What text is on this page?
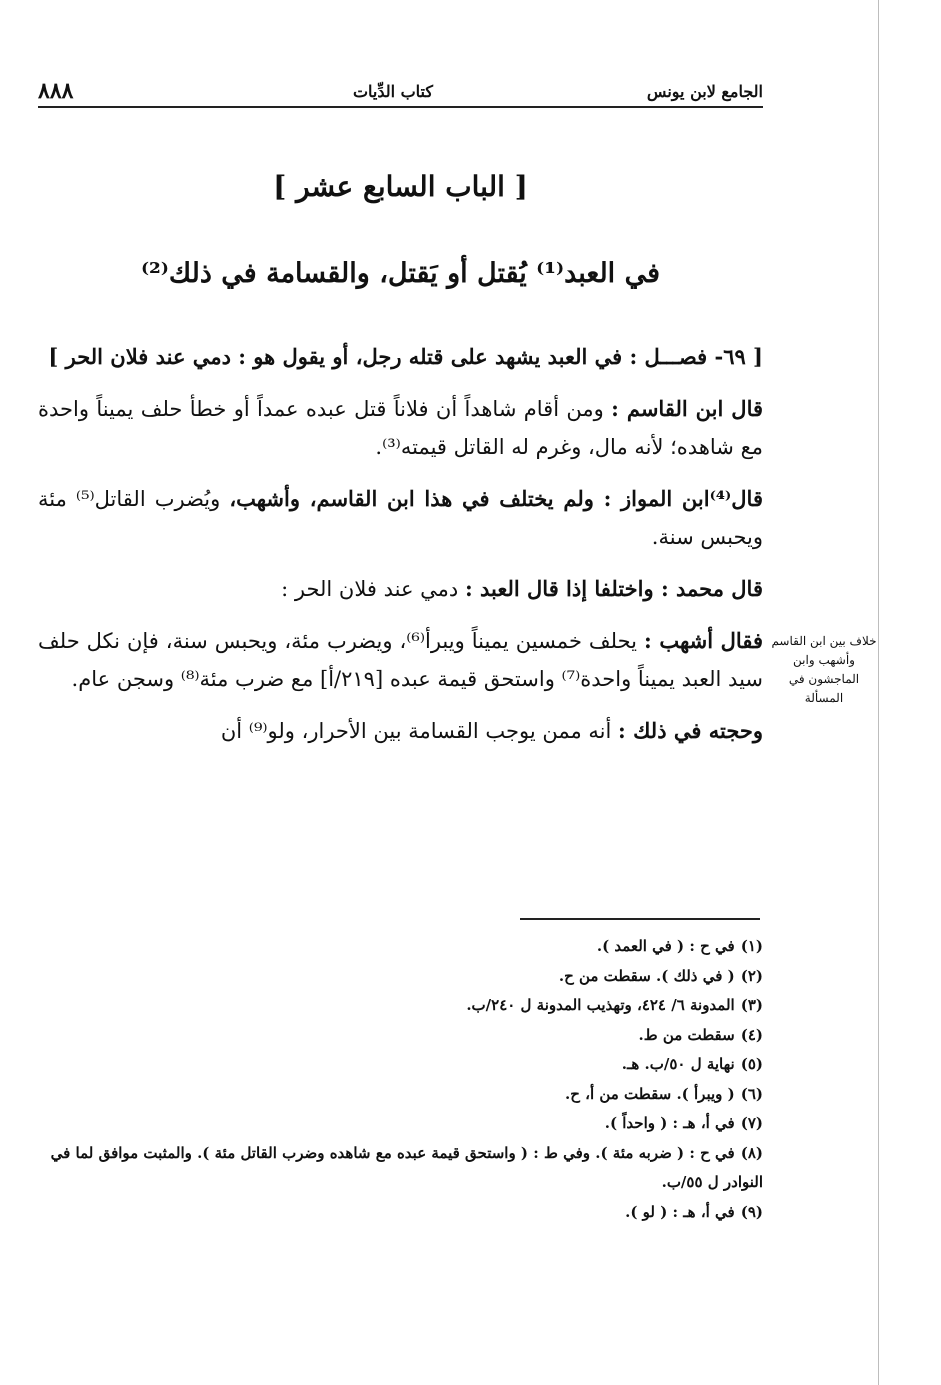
الجامع لابن يونس
كتاب الدِّيات
٨٨٨
[ الباب السابع عشر ]
في العبد⁽¹⁾ يُقتل أو يَقتل، والقسامة في ذلك⁽²⁾
خلاف بين ابن القاسم وأشهب وابن الماجشون في المسألة

[ ٦٩- فصـــل : في العبد يشهد على قتله رجل، أو يقول هو : دمي عند فلان الحر ]

قال ابن القاسم : ومن أقام شاهداً أن فلاناً قتل عبده عمداً أو خطأ حلف يميناً واحدة مع شاهده؛ لأنه مال، وغرم له القاتل قيمته⁽³⁾.

قال⁽⁴⁾ابن المواز : ولم يختلف في هذا ابن القاسم، وأشهب، ويُضرب القاتل⁽⁵⁾ مئة ويحبس سنة.

قال محمد : واختلفا إذا قال العبد : دمي عند فلان الحر :

فقال أشهب : يحلف خمسين يميناً ويبرأ⁽⁶⁾، ويضرب مئة، ويحبس سنة، فإن نكل حلف سيد العبد يميناً واحدة⁽⁷⁾ واستحق قيمة عبده [٢١٩/أ] مع ضرب مئة⁽⁸⁾ وسجن عام.

وحجته في ذلك : أنه ممن يوجب القسامة بين الأحرار، ولو⁽⁹⁾ أن

(١)في ح : ( في العمد ).

(٢)( في ذلك ). سقطت من ح.

(٣)المدونة ٦/ ٤٢٤، وتهذيب المدونة ل ٢٤٠/ب.

(٤)سقطت من ط.

(٥)نهاية ل ٥٠/ب. هـ.

(٦)( ويبرأ ). سقطت من أ، ح.

(٧)في أ، هـ : ( واحداً ).

(٨)في ح : ( ضربه مئة ). وفي ط : ( واستحق قيمة عبده مع شاهده وضرب القاتل مئة ). والمثبت موافق لما في النوادر ل ٥٥/ب.

(٩)في أ، هـ : ( لو ).
